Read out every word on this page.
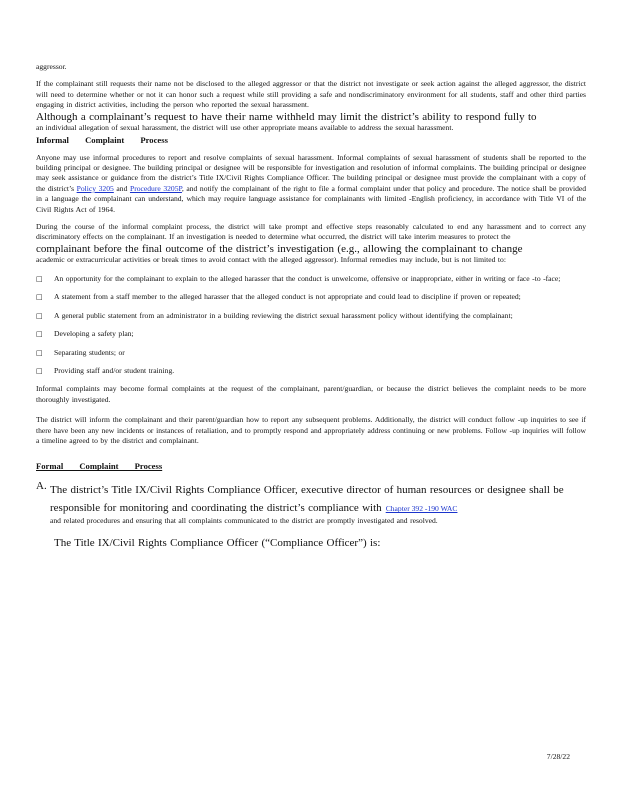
aggressor.

If the complainant still requests their name not be disclosed to the alleged aggressor or that the district not investigate or seek action against the alleged aggressor, the district will need to determine whether or not it can honor such a request while still providing a safe and nondiscriminatory environment for all students, staff and other third parties engaging in district activities, including the person who reported the sexual harassment.

Although a complainant’s request to have their name withheld may limit the district’s ability to respond fully to

an individual allegation of sexual harassment, the district will use other appropriate means available to address the sexual harassment.

Informal Complaint Process

Anyone may use informal procedures to report and resolve complaints of sexual harassment. Informal complaints of sexual harassment of students shall be reported to the building principal or designee. The building principal or designee will be responsible for investigation and resolution of informal complaints. The building principal or designee may seek assistance or guidance from the district’s Title IX/Civil Rights Compliance Officer. The building principal or designee must provide the complainant with a copy of the district’s Policy 3205 and Procedure 3205P, and notify the complainant of the right to file a formal complaint under that policy and procedure. The notice shall be provided in a language the complainant can understand, which may require language assistance for complainants with limited -English proficiency, in accordance with Title VI of the Civil Rights Act of 1964.

During the course of the informal complaint process, the district will take prompt and effective steps reasonably calculated to end any harassment and to correct any discriminatory effects on the complainant. If an investigation is needed to determine what occurred, the district will take interim measures to protect the

complainant before the final outcome of the district’s investigation (e.g., allowing the complainant to change

academic or extracurricular activities or break times to avoid contact with the alleged aggressor). Informal remedies may include, but is not limited to:

□ An opportunity for the complainant to explain to the alleged harasser that the conduct is unwelcome, offensive or inappropriate, either in writing or face -to -face;
□ A statement from a staff member to the alleged harasser that the alleged conduct is not appropriate and could lead to discipline if proven or repeated;
□ A general public statement from an administrator in a building reviewing the district sexual harassment policy without identifying the complainant;
□ Developing a safety plan;
□ Separating students; or
□ Providing staff and/or student training.

Informal complaints may become formal complaints at the request of the complainant, parent/guardian, or because the district believes the complaint needs to be more thoroughly investigated.

The district will inform the complainant and their parent/guardian how to report any subsequent problems. Additionally, the district will conduct follow -up inquiries to see if there have been any new incidents or instances of retaliation, and to promptly respond and appropriately address continuing or new problems. Follow -up inquiries will follow a timeline agreed to by the district and complainant.

Formal Complaint Process
A. The district’s Title IX/Civil Rights Compliance Officer, executive director of human resources or designee shall be responsible for monitoring and coordinating the district’s compliance with Chapter 392 -190 WAC

and related procedures and ensuring that all complaints communicated to the district are promptly investigated and resolved.

The Title IX/Civil Rights Compliance Officer (“Compliance Officer”) is:

7/28/22
